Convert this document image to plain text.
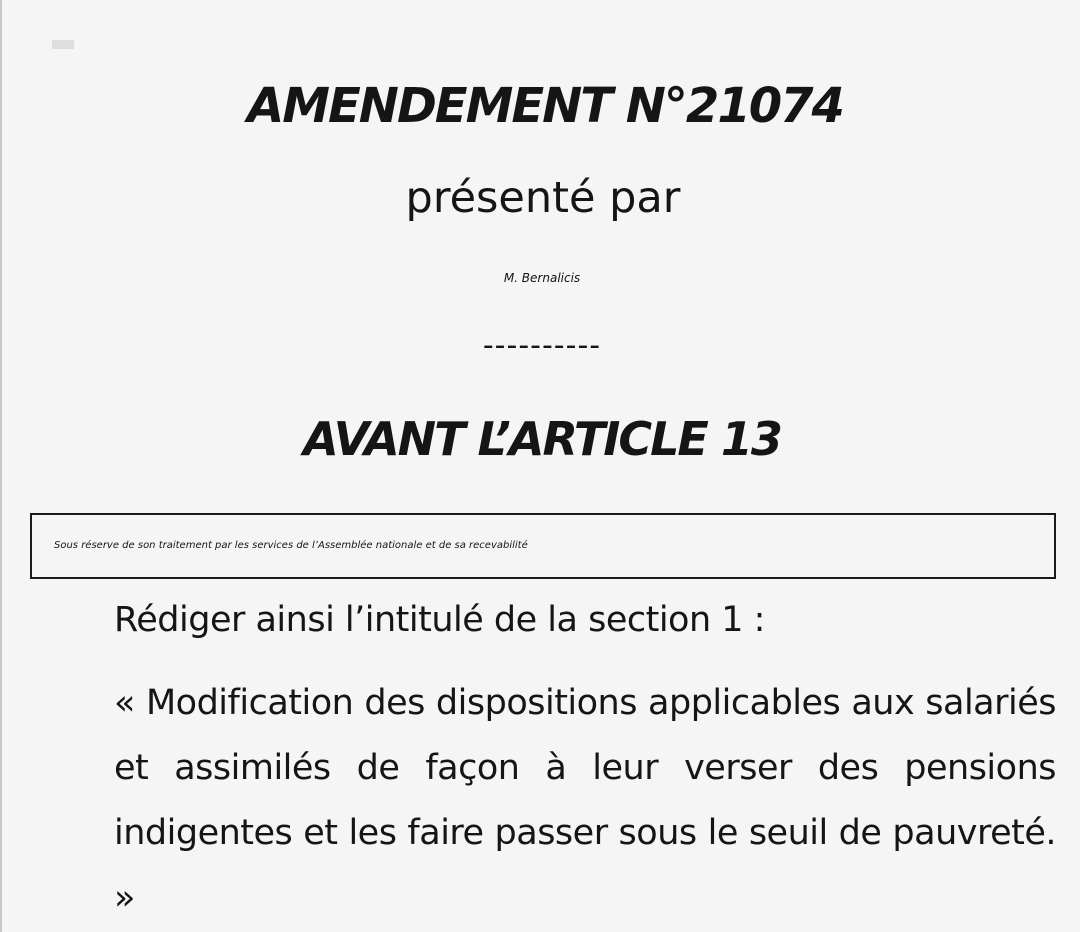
AMENDEMENT N°21074
présenté par
M. Bernalicis
----------
AVANT L’ARTICLE 13
Sous réserve de son traitement par les services de l’Assemblée nationale et de sa recevabilité
Rédiger ainsi l’intitulé de la section 1 :

« Modification des dispositions applicables aux salariés et assimilés de façon à leur verser des pensions indigentes et les faire passer sous le seuil de pauvreté. »
